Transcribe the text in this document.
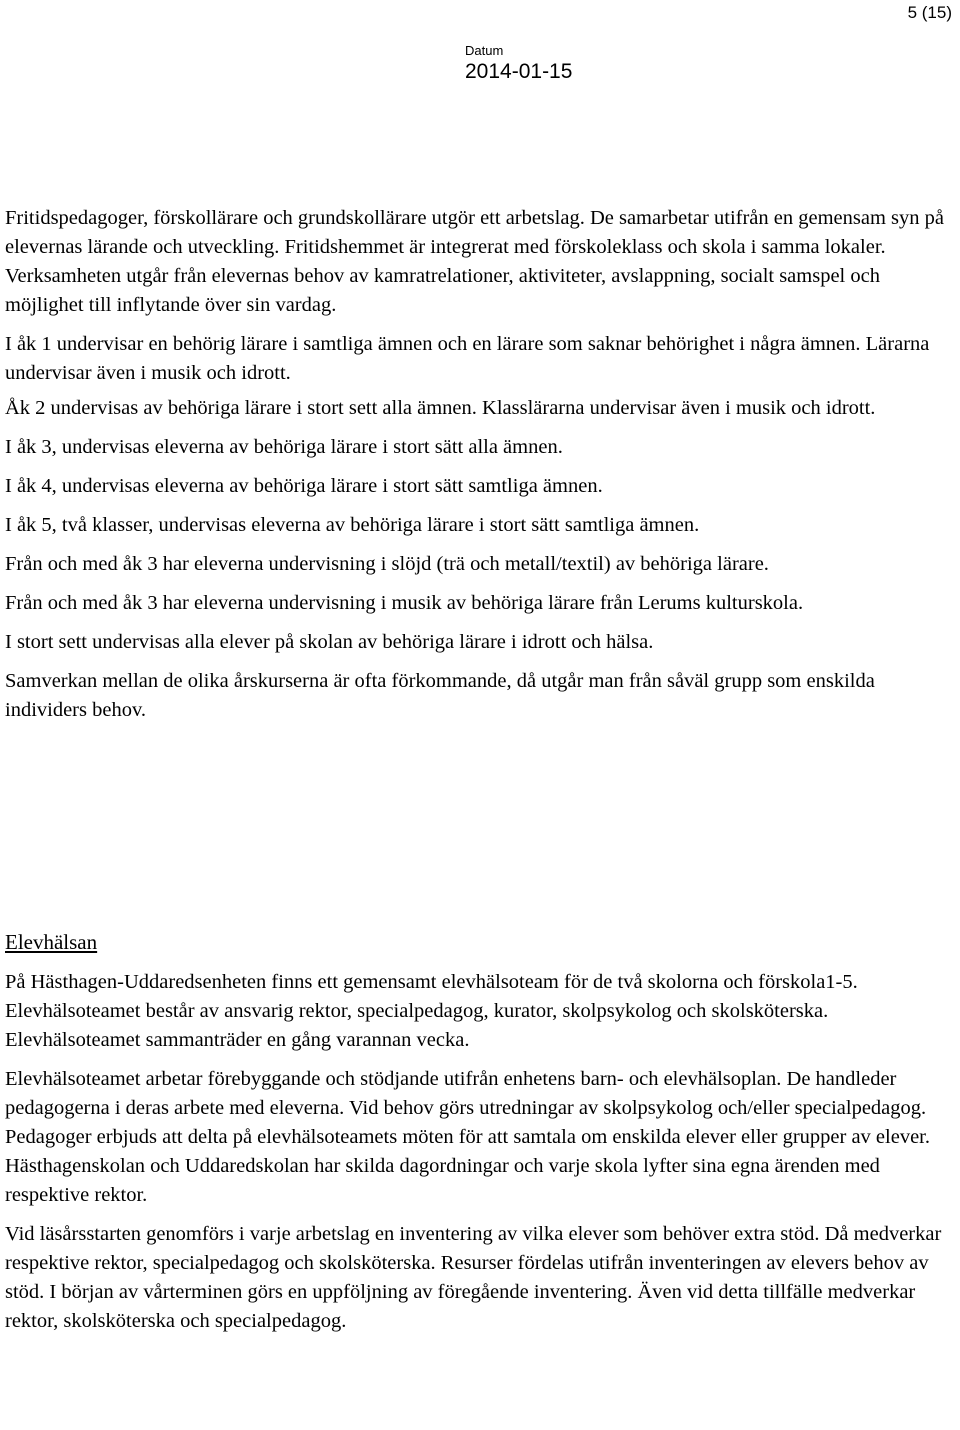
5 (15)
Datum
2014-01-15

Fritidspedagoger, förskollärare och grundskollärare utgör ett arbetslag. De samarbetar utifrån en gemensam syn på elevernas lärande och utveckling. Fritidshemmet är integrerat med förskoleklass och skola i samma lokaler. Verksamheten utgår från elevernas behov av kamratrelationer, aktiviteter, avslappning, socialt samspel och möjlighet till inflytande över sin vardag.

I åk 1 undervisar en behörig lärare i samtliga ämnen och en lärare som saknar behörighet i några ämnen. Lärarna undervisar även i musik och idrott.

Åk 2 undervisas av behöriga lärare i stort sett alla ämnen. Klasslärarna undervisar även i musik och idrott.

I åk 3, undervisas eleverna av behöriga lärare i stort sätt alla ämnen.

I åk 4, undervisas eleverna av behöriga lärare i stort sätt samtliga ämnen.

I åk 5, två klasser, undervisas eleverna av behöriga lärare i stort sätt samtliga ämnen.

Från och med åk 3 har eleverna undervisning i slöjd (trä och metall/textil) av behöriga lärare.

Från och med åk 3 har eleverna undervisning i musik av behöriga lärare från Lerums kulturskola.

I stort sett undervisas alla elever på skolan av behöriga lärare i idrott och hälsa.

Samverkan mellan de olika årskurserna är ofta förkommande, då utgår man från såväl grupp som enskilda individers behov.

Elevhälsan

På Hästhagen-Uddaredsenheten finns ett gemensamt elevhälsoteam för de två skolorna och förskola1-5. Elevhälsoteamet består av ansvarig rektor, specialpedagog, kurator, skolpsykolog och skolsköterska. Elevhälsoteamet sammanträder en gång varannan vecka.

Elevhälsoteamet arbetar förebyggande och stödjande utifrån enhetens barn- och elevhälsoplan. De handleder pedagogerna i deras arbete med eleverna. Vid behov görs utredningar av skolpsykolog och/eller specialpedagog. Pedagoger erbjuds att delta på elevhälsoteamets möten för att samtala om enskilda elever eller grupper av elever. Hästhagenskolan och Uddaredskolan har skilda dagordningar och varje skola lyfter sina egna ärenden med respektive rektor.

Vid läsårsstarten genomförs i varje arbetslag en inventering av vilka elever som behöver extra stöd. Då medverkar respektive rektor, specialpedagog och skolsköterska. Resurser fördelas utifrån inventeringen av elevers behov av stöd. I början av vårterminen görs en uppföljning av föregående inventering. Även vid detta tillfälle medverkar rektor, skolsköterska och specialpedagog.
